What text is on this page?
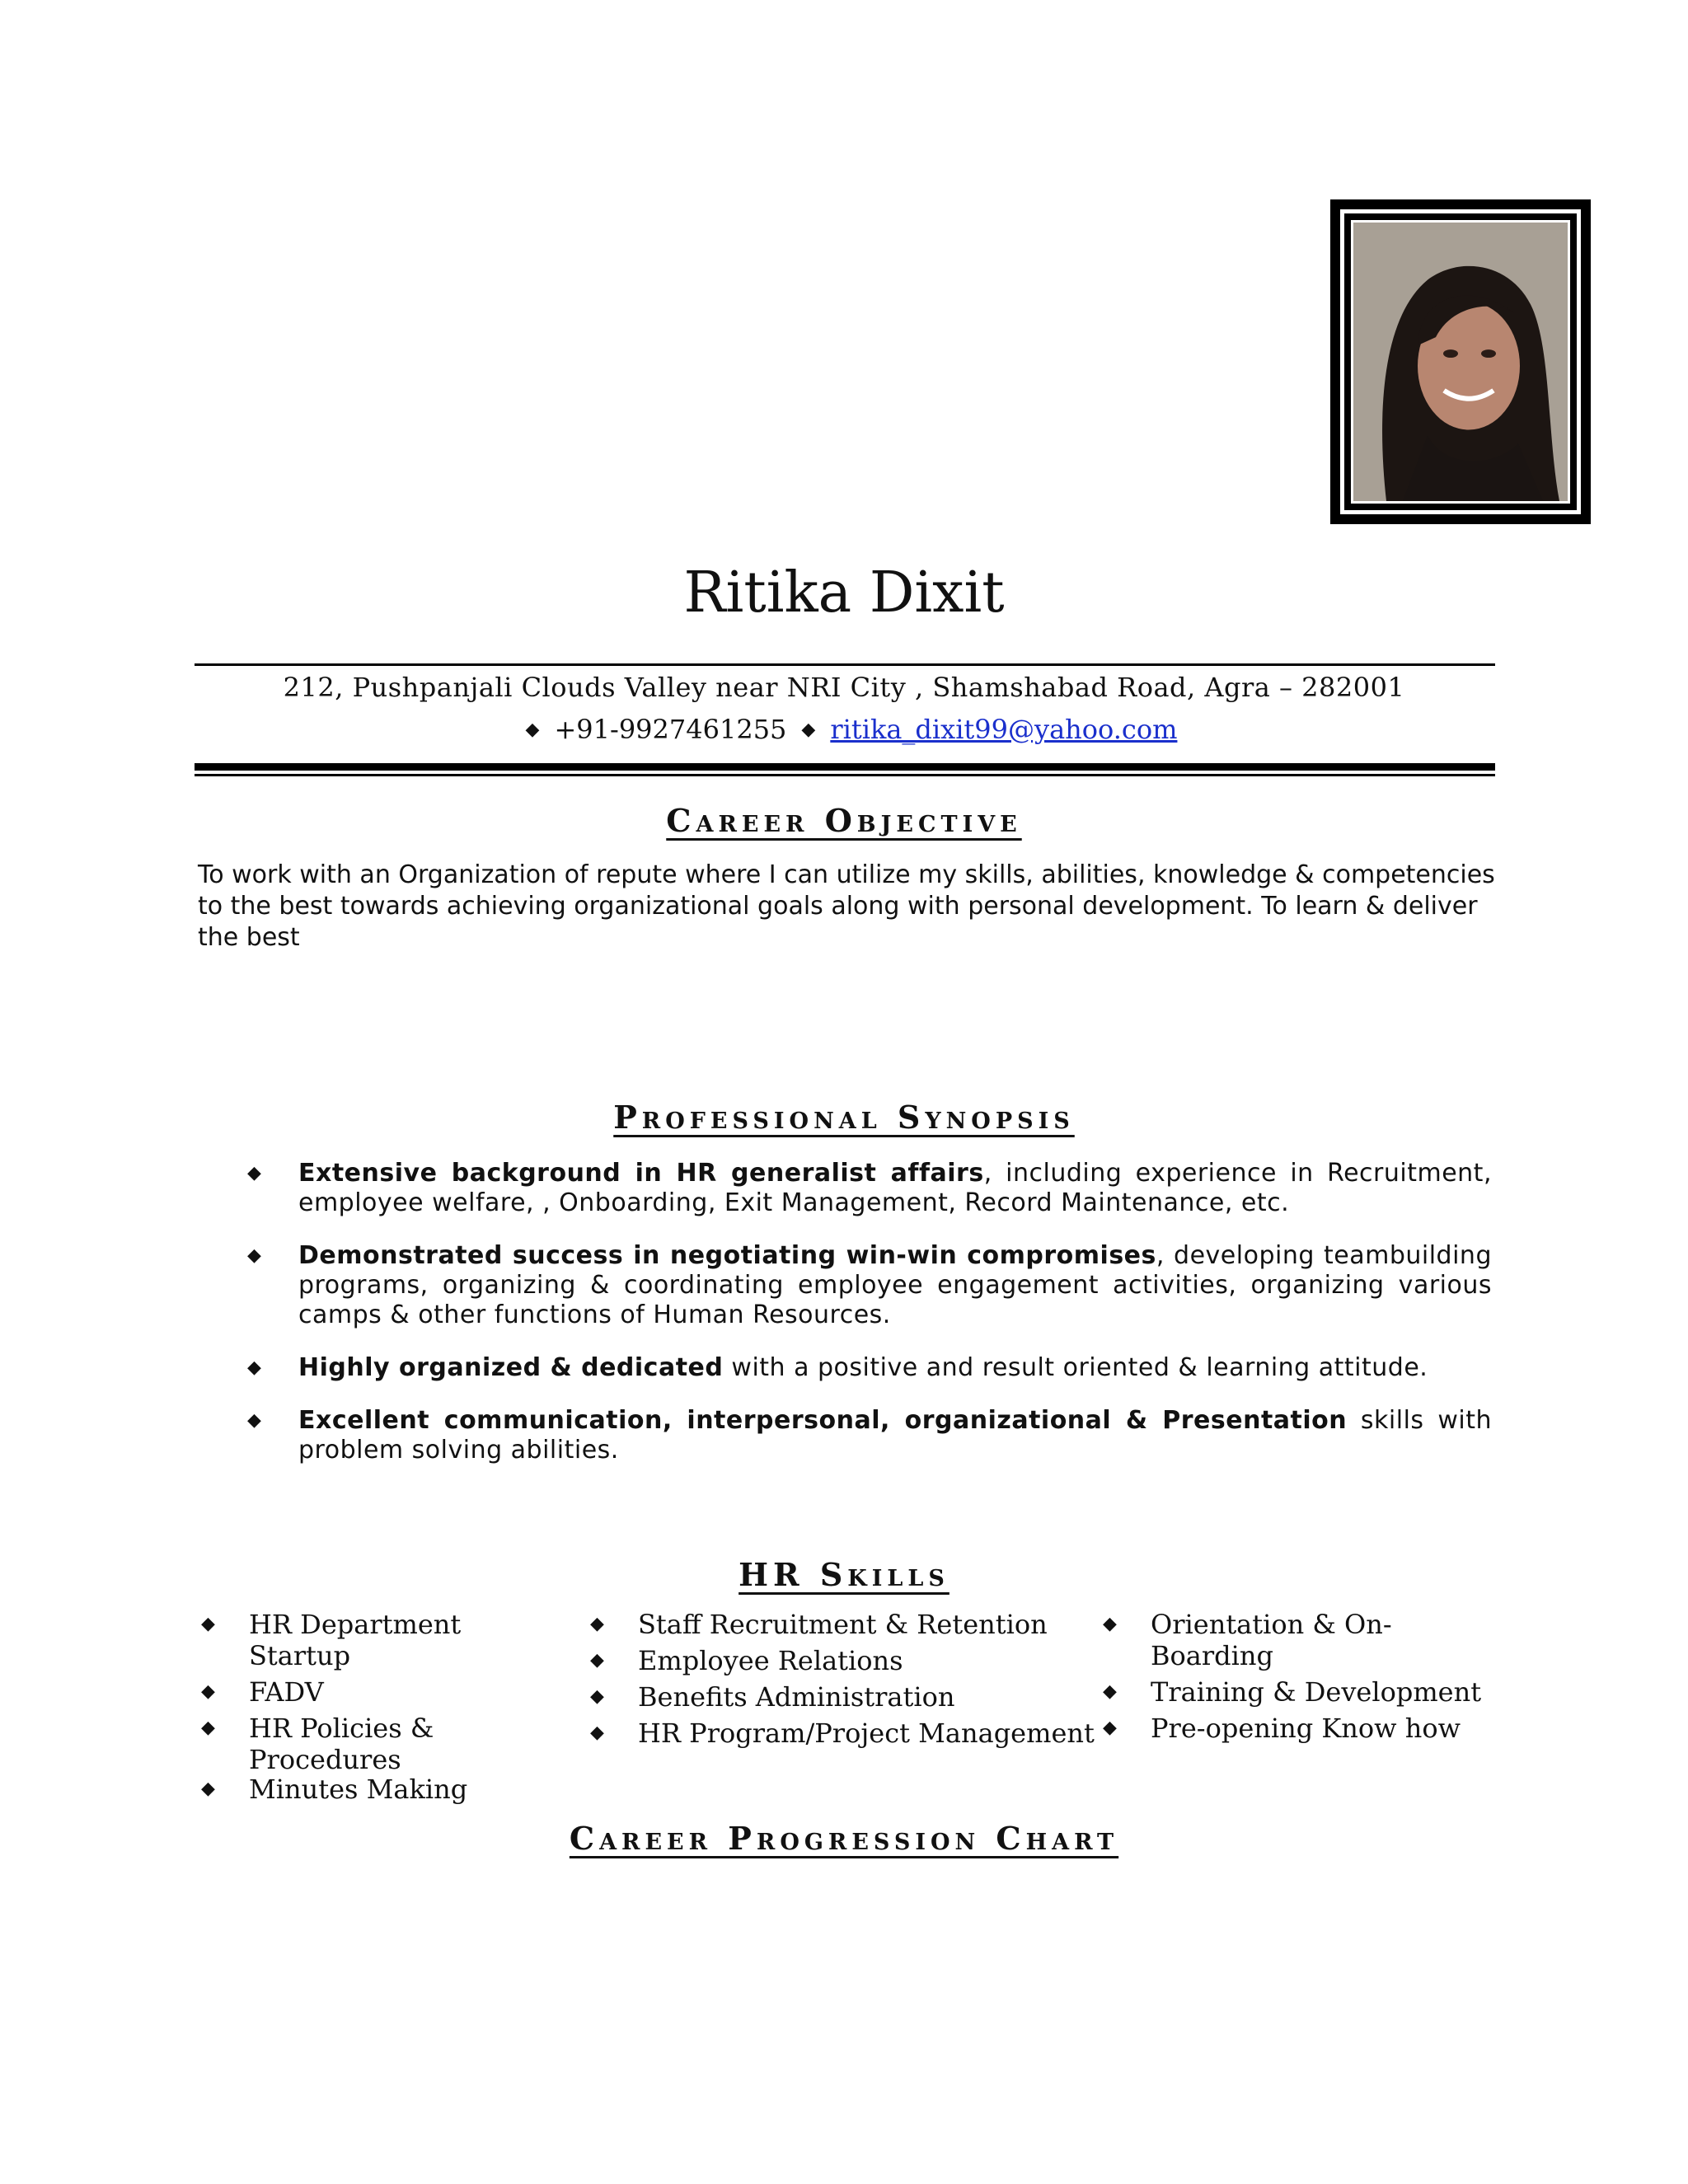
Ritika Dixit
212, Pushpanjali Clouds Valley near NRI City , Shamshabad Road, Agra – 282001
◆ +91-9927461255 ◆ ritika_dixit99@yahoo.com
Career Objective
To work with an Organization of repute where I can utilize my skills, abilities, knowledge & competencies to the best towards achieving organizational goals along with personal development. To learn & deliver the best
Professional Synopsis
◆ Extensive background in HR generalist affairs, including experience in Recruitment, employee welfare, , Onboarding, Exit Management, Record Maintenance, etc.
◆ Demonstrated success in negotiating win-win compromises, developing teambuilding programs, organizing & coordinating employee engagement activities, organizing various camps & other functions of Human Resources.
◆ Highly organized & dedicated with a positive and result oriented & learning attitude.
◆ Excellent communication, interpersonal, organizational & Presentation skills with problem solving abilities.
HR Skills
◆ HR Department Startup
◆ FADV
◆ HR Policies & Procedures
◆ Minutes Making
◆ Staff Recruitment & Retention
◆ Employee Relations
◆ Benefits Administration
◆ HR Program/Project Management
◆ Orientation & On-Boarding
◆ Training & Development
◆ Pre-opening Know how
Career Progression Chart
